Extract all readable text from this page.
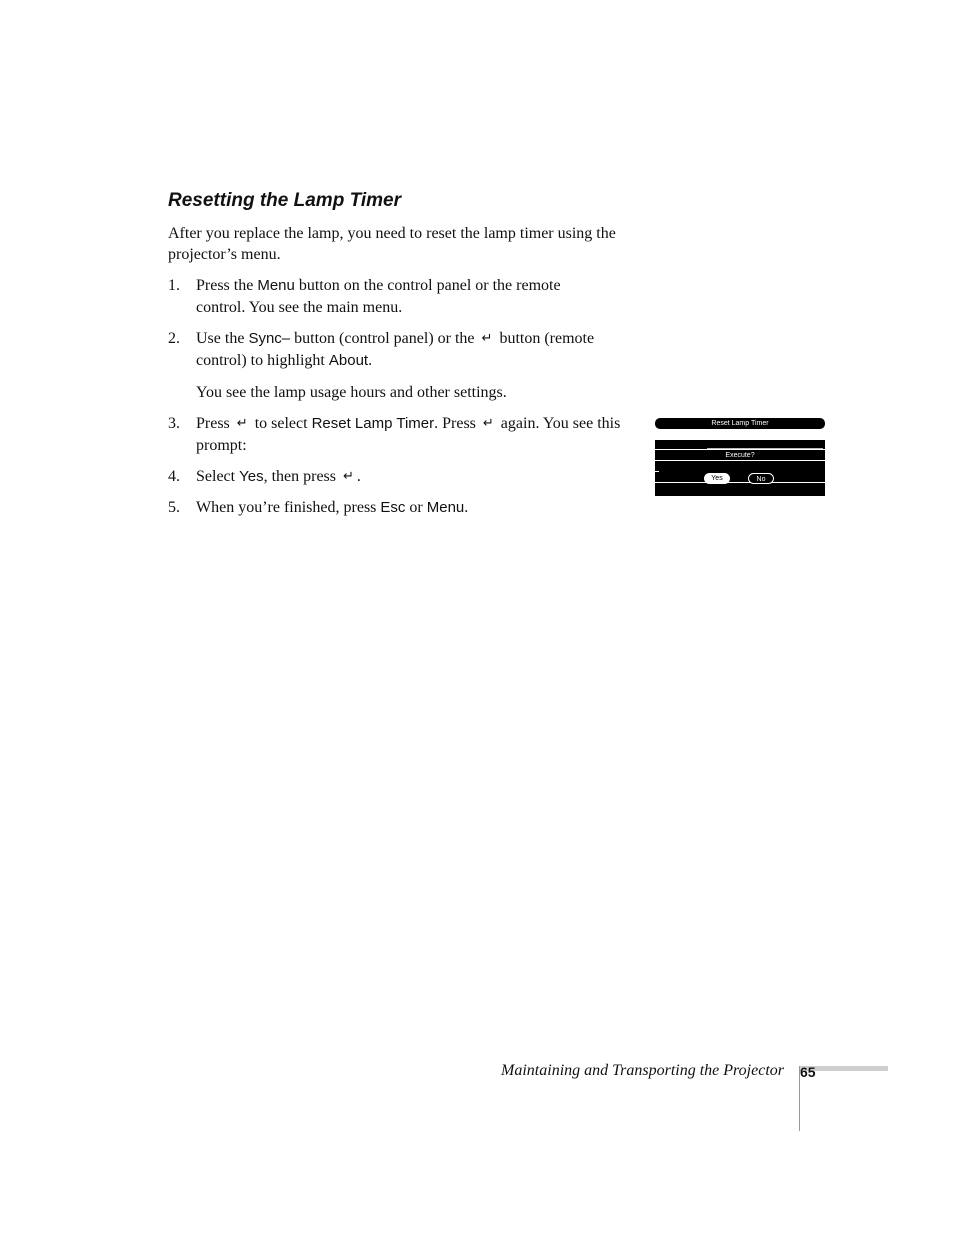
Resetting the Lamp Timer

After you replace the lamp, you need to reset the lamp timer using the
projector’s menu.

1. Press the Menu button on the control panel or the remote
control. You see the main menu.
2. Use the Sync– button (control panel) or the ↵ button (remote
control) to highlight About.
You see the lamp usage hours and other settings.
3. Press ↵ to select Reset Lamp Timer. Press ↵ again. You see this
prompt:
4. Select Yes, then press ↵ .
5. When you’re finished, press Esc or Menu.
Reset Lamp Timer
Execute?
Yes	No
Maintaining and Transporting the Projector 65
